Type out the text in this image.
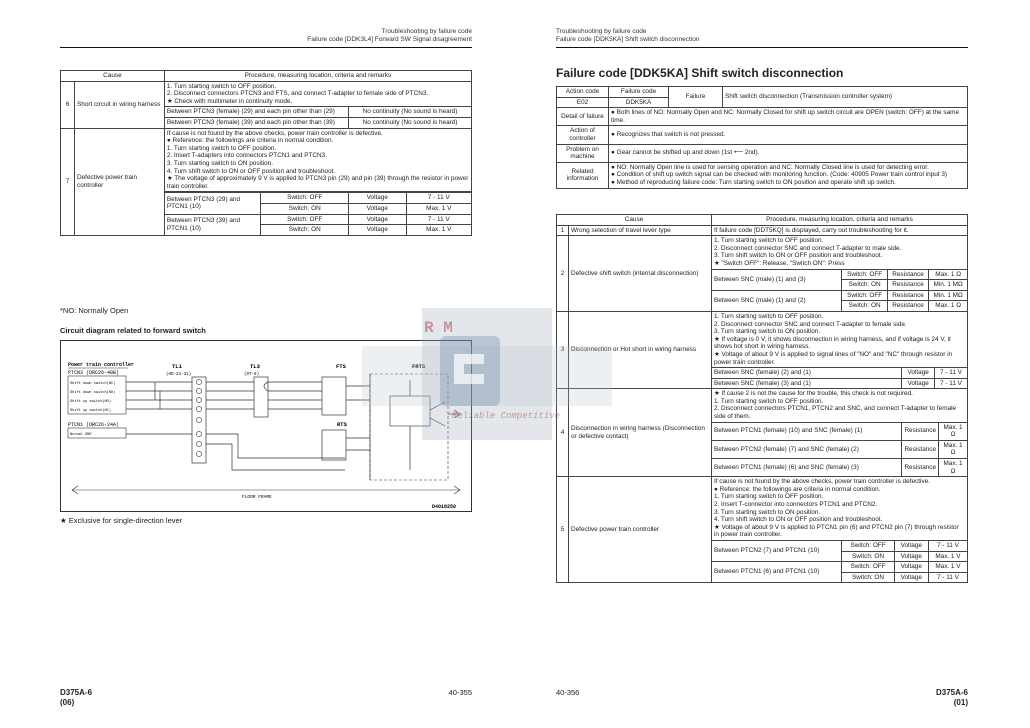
Troubleshooting by failure code
Failure code [DDK3L4] Forward SW Signal disagreement
Cause	Procedure, measuring location, criteria and remarks
6	Short circuit in wiring harness	
1. Turn starting switch to OFF position.
2. Disconnect connectors PTCN3 and FTS, and connect T-adapter to female side of PTCN3.
★ Check with multimeter in continuity mode.

Between PTCN3 (female) (29) and each pin other than (29)	No continuity (No sound is heard)

Between PTCN3 (female) (39) and each pin other than (39)	No continuity (No sound is heard)

7	Defective power train controller	
If cause is not found by the above checks, power train controller is defective.
● Reference: the followings are criteria in normal condition.
1. Turn starting switch to OFF position.
2. Insert T-adapters into connectors PTCN1 and PTCN3.
3. Turn starting switch to ON position.
4. Turn shift switch to ON or OFF position and troubleshoot.
★ The voltage of approximately 9 V is applied to PTCN3 pin (29) and pin (39) through the resistor in power train controller.

Between PTCN3 (29) and PTCN1 (10)	Switch: OFF	Voltage	7 - 11 V
Switch: ON	Voltage	Max. 1 V
Between PTCN3 (39) and PTCN1 (10)	Switch: OFF	Voltage	7 - 11 V
Switch: ON	Voltage	Max. 1 V
*NO: Normally Open
Circuit diagram related to forward switch
Power train controller
PTCN3 (DRC26-40B)
Shift down switch(NC)
Shift down switch(NO)
Shift up switch(NO)
Shift up switch(NC)
PTCN1 (DRC26-24A)
Normal GND
TL1
(HD-24-31)
TL3
(DT-6)
FTS
RTS
FRTS
FLOOR FRAME
D4018250
★ Exclusive for single-direction lever
D375A-6
(06)
40-355
Troubleshooting by failure code
Failure code [DDK5KA] Shift switch disconnection
Failure code [DDK5KA] Shift switch disconnection
Action code	Failure code	Failure	Shift switch disconnection (Transmission controller system)
E02	DDK5KA		
Detail of failure	● Both lines of NO: Normally Open and NC: Normally Closed for shift up switch circuit are OPEN (switch: OFF) at the same time.		
Action of controller	● Recognizes that switch is not pressed.		
Problem on machine	● Gear cannot be shifted up and down (1st ⟵ 2nd).		
Related information	● NO: Normally Open line is used for sensing operation and NC: Normally Closed line is used for detecting error.
● Condition of shift up switch signal can be checked with monitoring function. (Code: 40905 Power train control input 3)
● Method of reproducing failure code: Turn starting switch to ON position and operate shift up switch.		
Cause	Procedure, measuring location, criteria and remarks
1	Wrong selection of travel lever type	If failure code [DDT5KQ] is displayed, carry out troubleshooting for it.
2	Defective shift switch (internal disconnection)	
1. Turn starting switch to OFF position.
2. Disconnect connector SNC and connect T-adapter to male side.
3. Turn shift switch to ON or OFF position and troubleshoot.
★ "Switch OFF": Release, "Switch ON": Press
Between SNC (male) (1) and (3)	Switch: OFF	Resistance	Max. 1 Ω
Switch: ON	Resistance	Min. 1 MΩ
Between SNC (male) (1) and (2)	Switch: OFF	Resistance	Min. 1 MΩ
Switch: ON	Resistance	Max. 1 Ω

3	Disconnection or Hot short in wiring harness	
1. Turn starting switch to OFF position.
2. Disconnect connector SNC and connect T-adapter to female side.
3. Turn starting switch to ON position.
★ If voltage is 0 V, it shows disconnection in wiring harness, and if voltage is 24 V, it shows hot short in wiring harness.
★ Voltage of about 9 V is applied to signal lines of "NO" and "NC" through resistor in power train controller.
Between SNC (female) (2) and (1)	Voltage	7 - 11 V
Between SNC (female) (3) and (1)	Voltage	7 - 11 V

4	Disconnection in wiring harness (Disconnection or defective contact)	
★ If cause 2 is not the cause for the trouble, this check is not required.
1. Turn starting switch to OFF position.
2. Disconnect connectors PTCN1, PTCN2 and SNC, and connect T-adapter to female side of them.
Between PTCN1 (female) (10) and SNC (female) (1)	Resistance	Max. 1 Ω
Between PTCN2 (female) (7) and SNC (female) (2)	Resistance	Max. 1 Ω
Between PTCN1 (female) (6) and SNC (female) (3)	Resistance	Max. 1 Ω

5	Defective power train controller	
If cause is not found by the above checks, power train controller is defective.
● Reference: the followings are criteria in normal condition.
1. Turn starting switch to OFF position.
2. Insert T-connector into connectors PTCN1 and PTCN2.
3. Turn starting switch to ON position.
4. Turn shift switch to ON or OFF position and troubleshoot.
★ Voltage of about 9 V is applied to PTCN1 pin (6) and PTCN2 pin (7) through resistor in power train controller.
Between PTCN2 (7) and PTCN1 (10)	Switch: OFF	Voltage	7 - 11 V
Switch: ON	Voltage	Max. 1 V
Between PTCN1 (6) and PTCN1 (10)	Switch: OFF	Voltage	Max. 1 V
Switch: ON	Voltage	7 - 11 V
40-356	D375A-6
(01)
R M
Reliable Competitive
